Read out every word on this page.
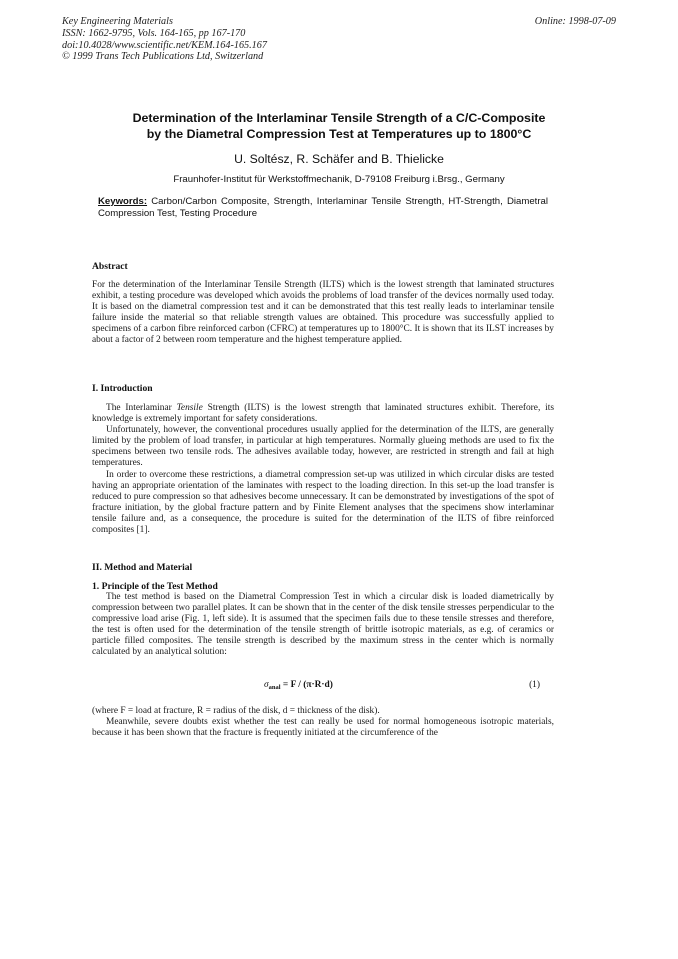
Key Engineering Materials
ISSN: 1662-9795, Vols. 164-165, pp 167-170
doi:10.4028/www.scientific.net/KEM.164-165.167
© 1999 Trans Tech Publications Ltd, Switzerland
Online: 1998-07-09
Determination of the Interlaminar Tensile Strength of a C/C-Composite
by the Diametral Compression Test at Temperatures up to 1800°C
U. Soltész, R. Schäfer and B. Thielicke
Fraunhofer-Institut für Werkstoffmechanik, D-79108 Freiburg i.Brsg., Germany
Keywords: Carbon/Carbon Composite, Strength, Interlaminar Tensile Strength, HT-Strength, Diametral Compression Test, Testing Procedure
Abstract

For the determination of the Interlaminar Tensile Strength (ILTS) which is the lowest strength that laminated structures exhibit, a testing procedure was developed which avoids the problems of load transfer of the devices normally used today. It is based on the diametral compression test and it can be demonstrated that this test really leads to interlaminar tensile failure inside the material so that reliable strength values are obtained. This procedure was successfully applied to specimens of a carbon fibre reinforced carbon (CFRC) at temperatures up to 1800°C. It is shown that its ILST increases by about a factor of 2 between room temperature and the highest temperature applied.

I. Introduction

The Interlaminar Tensile Strength (ILTS) is the lowest strength that laminated structures exhibit. Therefore, its knowledge is extremely important for safety considerations.

Unfortunately, however, the conventional procedures usually applied for the determination of the ILTS, are generally limited by the problem of load transfer, in particular at high temperatures. Normally glueing methods are used to fix the specimens between two tensile rods. The adhesives available today, however, are restricted in strength and fail at high temperatures.

In order to overcome these restrictions, a diametral compression set-up was utilized in which circular disks are tested having an appropriate orientation of the laminates with respect to the loading direction. In this set-up the load transfer is reduced to pure compression so that adhesives become unnecessary. It can be demonstrated by investigations of the spot of fracture initiation, by the global fracture pattern and by Finite Element analyses that the specimens show interlaminar tensile failure and, as a consequence, the procedure is suited for the determination of the ILTS of fibre reinforced composites [1].

II. Method and Material
1. Principle of the Test Method

The test method is based on the Diametral Compression Test in which a circular disk is loaded diametrically by compression between two parallel plates. It can be shown that in the center of the disk tensile stresses perpendicular to the compressive load arise (Fig. 1, left side). It is assumed that the specimen fails due to these tensile stresses and therefore, the test is often used for the determination of the tensile strength of brittle isotropic materials, as e.g. of ceramics or particle filled composites. The tensile strength is described by the maximum stress in the center which is normally calculated by an analytical solution:

$\sigma_{anal} = F / (\pi\cdot R\cdot d)$	(1)

(where F = load at fracture, R = radius of the disk, d = thickness of the disk).

Meanwhile, severe doubts exist whether the test can really be used for normal homogeneous isotropic materials, because it has been shown that the fracture is frequently initiated at the circumference of the
